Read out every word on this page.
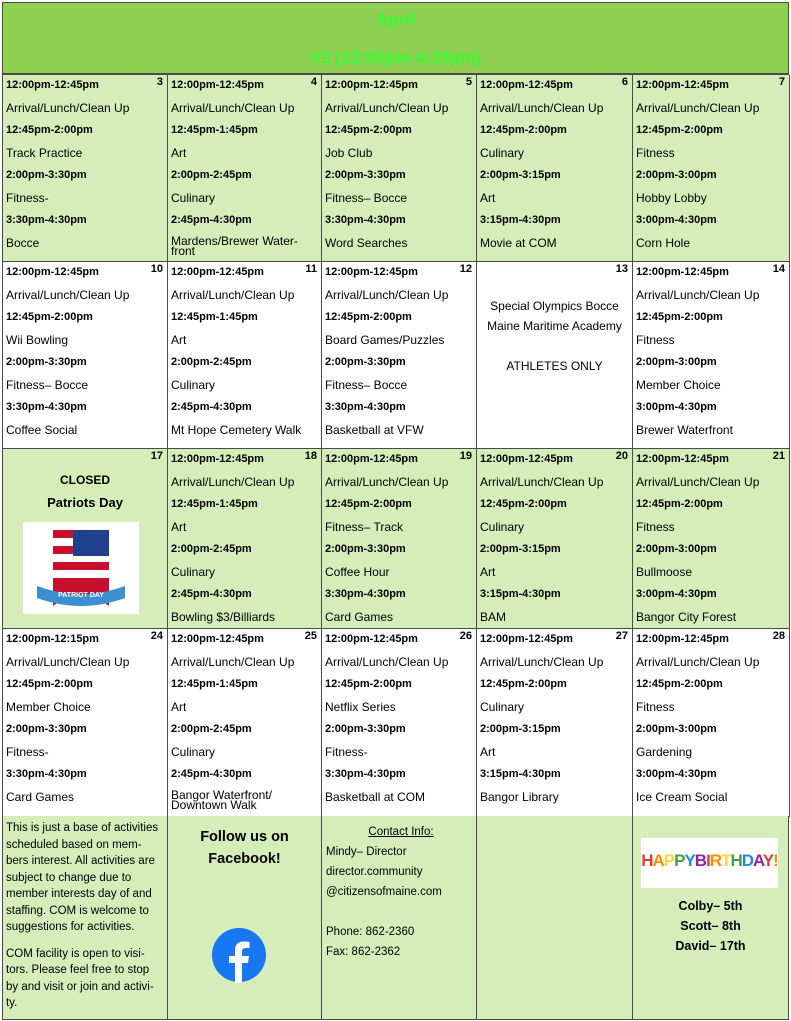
April
V2 (12:00pm-4:30pm)
3
12:00pm-12:45pm
Arrival/Lunch/Clean Up
12:45pm-2:00pm
Track Practice
2:00pm-3:30pm
Fitness-
3:30pm-4:30pm
Bocce
4
12:00pm-12:45pm
Arrival/Lunch/Clean Up
12:45pm-1:45pm
Art
2:00pm-2:45pm
Culinary
2:45pm-4:30pm
Mardens/Brewer Water-front
5
12:00pm-12:45pm
Arrival/Lunch/Clean Up
12:45pm-2:00pm
Job Club
2:00pm-3:30pm
Fitness– Bocce
3:30pm-4:30pm
Word Searches
6
12:00pm-12:45pm
Arrival/Lunch/Clean Up
12:45pm-2:00pm
Culinary
2:00pm-3:15pm
Art
3:15pm-4:30pm
Movie at COM
7
12:00pm-12:45pm
Arrival/Lunch/Clean Up
12:45pm-2:00pm
Fitness
2:00pm-3:00pm
Hobby Lobby
3:00pm-4:30pm
Corn Hole
10
12:00pm-12:45pm
Arrival/Lunch/Clean Up
12:45pm-2:00pm
Wii Bowling
2:00pm-3:30pm
Fitness– Bocce
3:30pm-4:30pm
Coffee Social
11
12:00pm-12:45pm
Arrival/Lunch/Clean Up
12:45pm-1:45pm
Art
2:00pm-2:45pm
Culinary
2:45pm-4:30pm
Mt Hope Cemetery Walk
12
12:00pm-12:45pm
Arrival/Lunch/Clean Up
12:45pm-2:00pm
Board Games/Puzzles
2:00pm-3:30pm
Fitness– Bocce
3:30pm-4:30pm
Basketball at VFW
13
Special Olympics Bocce
Maine Maritime Academy
ATHLETES ONLY
14
12:00pm-12:45pm
Arrival/Lunch/Clean Up
12:45pm-2:00pm
Fitness
2:00pm-3:00pm
Member Choice
3:00pm-4:30pm
Brewer Waterfront
17
CLOSED
Patriots Day
PATRIOT DAY
18
12:00pm-12:45pm
Arrival/Lunch/Clean Up
12:45pm-1:45pm
Art
2:00pm-2:45pm
Culinary
2:45pm-4:30pm
Bowling $3/Billiards
19
12:00pm-12:45pm
Arrival/Lunch/Clean Up
12:45pm-2:00pm
Fitness– Track
2:00pm-3:30pm
Coffee Hour
3:30pm-4:30pm
Card Games
20
12:00pm-12:45pm
Arrival/Lunch/Clean Up
12:45pm-2:00pm
Culinary
2:00pm-3:15pm
Art
3:15pm-4:30pm
BAM
21
12:00pm-12:45pm
Arrival/Lunch/Clean Up
12:45pm-2:00pm
Fitness
2:00pm-3:00pm
Bullmoose
3:00pm-4:30pm
Bangor City Forest
24
12:00pm-12:15pm
Arrival/Lunch/Clean Up
12:45pm-2:00pm
Member Choice
2:00pm-3:30pm
Fitness-
3:30pm-4:30pm
Card Games
25
12:00pm-12:45pm
Arrival/Lunch/Clean Up
12:45pm-1:45pm
Art
2:00pm-2:45pm
Culinary
2:45pm-4:30pm
Bangor Waterfront/ Downtown Walk
26
12:00pm-12:45pm
Arrival/Lunch/Clean Up
12:45pm-2:00pm
Netflix Series
2:00pm-3:30pm
Fitness-
3:30pm-4:30pm
Basketball at COM
27
12:00pm-12:45pm
Arrival/Lunch/Clean Up
12:45pm-2:00pm
Culinary
2:00pm-3:15pm
Art
3:15pm-4:30pm
Bangor Library
28
12:00pm-12:45pm
Arrival/Lunch/Clean Up
12:45pm-2:00pm
Fitness
2:00pm-3:00pm
Gardening
3:00pm-4:30pm
Ice Cream Social
This is just a base of activities scheduled based on mem-bers interest. All activities are subject to change due to member interests day of and staffing. COM is welcome to suggestions for activities.
COM facility is open to visi-tors. Please feel free to stop by and visit or join and activi-ty.
Follow us on
Facebook!
Contact Info:
Mindy– Director
director.community
@citizensofmaine.com
Phone: 862-2360
Fax: 862-2362
HAPPYBIRTHDAY!
Colby– 5th
Scott– 8th
David– 17th
